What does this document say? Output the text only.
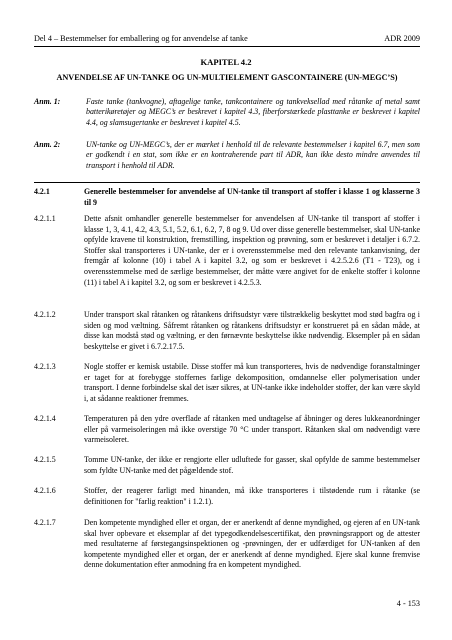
Del 4 – Bestemmelser for emballering og for anvendelse af tanke	ADR 2009
KAPITEL 4.2
ANVENDELSE AF UN-TANKE OG UN-MULTIELEMENT GASCONTAINERE (UN-MEGC’S)
Anm. 1:	Faste tanke (tankvogne), aftagelige tanke, tankcontainere og tankveksellad med råtanke af metal samt batterikøretøjer og MEGC’s er beskrevet i kapitel 4.3, fiberforstærkede plasttanke er beskrevet i kapitel 4.4, og slamsugertanke er beskrevet i kapitel 4.5.
Anm. 2:	UN-tanke og UN-MEGC’s, der er mærket i henhold til de relevante bestemmelser i kapitel 6.7, men som er godkendt i en stat, som ikke er en kontraherende part til ADR, kan ikke desto mindre anvendes til transport i henhold til ADR.
4.2.1	Generelle bestemmelser for anvendelse af UN-tanke til transport af stoffer i klasse 1 og klasserne 3 til 9
4.2.1.1	Dette afsnit omhandler generelle bestemmelser for anvendelsen af UN-tanke til transport af stoffer i klasse 1, 3, 4.1, 4.2, 4.3, 5.1, 5.2, 6.1, 6.2, 7, 8 og 9. Ud over disse generelle bestemmelser, skal UN-tanke opfylde kravene til konstruktion, fremstilling, inspektion og prøvning, som er beskrevet i detaljer i 6.7.2. Stoffer skal transporteres i UN-tanke, der er i overensstemmelse med den relevante tankanvisning, der fremgår af kolonne (10) i tabel A i kapitel 3.2, og som er beskrevet i 4.2.5.2.6 (T1 - T23), og i overensstemmelse med de særlige bestemmelser, der måtte være angivet for de enkelte stoffer i kolonne (11) i tabel A i kapitel 3.2, og som er beskrevet i 4.2.5.3.
4.2.1.2	Under transport skal råtanken og råtankens driftsudstyr være tilstrækkelig beskyttet mod stød bagfra og i siden og mod væltning. Såfremt råtanken og råtankens driftsudstyr er konstrueret på en sådan måde, at disse kan modstå stød og væltning, er den førnævnte beskyttelse ikke nødvendig. Eksempler på en sådan beskyttelse er givet i 6.7.2.17.5.
4.2.1.3	Nogle stoffer er kemisk ustabile. Disse stoffer må kun transporteres, hvis de nødvendige foranstaltninger er taget for at forebygge stoffernes farlige dekomposition, omdannelse eller polymerisation under transport. I denne forbindelse skal det især sikres, at UN-tanke ikke indeholder stoffer, der kan være skyld i, at sådanne reaktioner fremmes.
4.2.1.4	Temperaturen på den ydre overflade af råtanken med undtagelse af åbninger og deres lukkeanordninger eller på varmeisoleringen må ikke overstige 70 °C under transport. Råtanken skal om nødvendigt være varmeisoleret.
4.2.1.5	Tomme UN-tanke, der ikke er rengjorte eller udluftede for gasser, skal opfylde de samme bestemmelser som fyldte UN-tanke med det pågældende stof.
4.2.1.6	Stoffer, der reagerer farligt med hinanden, må ikke transporteres i tilstødende rum i råtanke (se definitionen for "farlig reaktion" i 1.2.1).
4.2.1.7	Den kompetente myndighed eller et organ, der er anerkendt af denne myndighed, og ejeren af en UN-tank skal hver opbevare et eksemplar af det typegodkendelsescertifikat, den prøvningsrapport og de attester med resultaterne af førstegangsinspektionen og -prøvningen, der er udfærdiget for UN-tanken af den kompetente myndighed eller et organ, der er anerkendt af denne myndighed. Ejere skal kunne fremvise denne dokumentation efter anmodning fra en kompetent myndighed.
4 - 153
